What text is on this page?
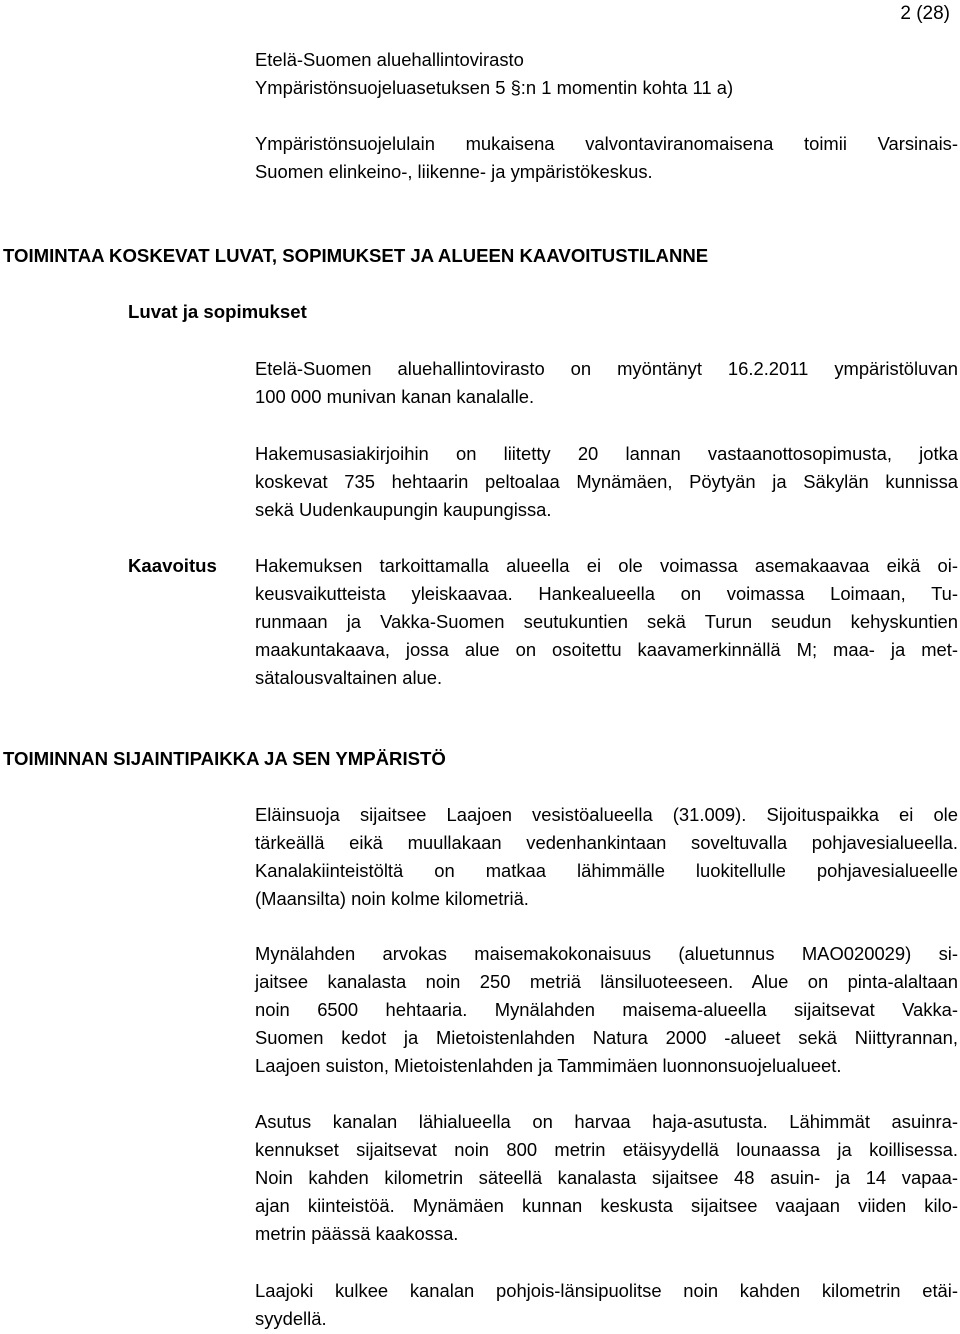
2 (28)
Etelä-Suomen aluehallintovirasto
Ympäristönsuojeluasetuksen 5 §:n 1 momentin kohta 11 a)
Ympäristönsuojelulain mukaisena valvontaviranomaisena toimii Varsinais-
Suomen elinkeino-, liikenne- ja ympäristökeskus.
TOIMINTAA KOSKEVAT LUVAT, SOPIMUKSET JA ALUEEN KAAVOITUSTILANNE
Luvat ja sopimukset
Etelä-Suomen aluehallintovirasto on myöntänyt 16.2.2011 ympäristöluvan
100 000 munivan kanan kanalalle.
Hakemusasiakirjoihin on liitetty 20 lannan vastaanottosopimusta, jotka
koskevat 735 hehtaarin peltoalaa Mynämäen, Pöytyän ja Säkylän kunnissa
sekä Uudenkaupungin kaupungissa.
Kaavoitus Hakemuksen tarkoittamalla alueella ei ole voimassa asemakaavaa eikä oi-
keusvaikutteista yleiskaavaa. Hankealueella on voimassa Loimaan, Tu-
runmaan ja Vakka-Suomen seutukuntien sekä Turun seudun kehyskuntien
maakuntakaava, jossa alue on osoitettu kaavamerkinnällä M; maa- ja met-
sätalousvaltainen alue.
TOIMINNAN SIJAINTIPAIKKA JA SEN YMPÄRISTÖ
Eläinsuoja sijaitsee Laajoen vesistöalueella (31.009). Sijoituspaikka ei ole
tärkeällä eikä muullakaan vedenhankintaan soveltuvalla pohjavesialueella.
Kanalakiinteistöltä on matkaa lähimmälle luokitellulle pohjavesialueelle
(Maansilta) noin kolme kilometriä.
Mynälahden arvokas maisemakokonaisuus (aluetunnus MAO020029) si-
jaitsee kanalasta noin 250 metriä länsiluoteeseen. Alue on pinta-alaltaan
noin 6500 hehtaaria. Mynälahden maisema-alueella sijaitsevat Vakka-
Suomen kedot ja Mietoistenlahden Natura 2000 -alueet sekä Niittyrannan,
Laajoen suiston, Mietoistenlahden ja Tammimäen luonnonsuojelualueet.
Asutus kanalan lähialueella on harvaa haja-asutusta. Lähimmät asuinra-
kennukset sijaitsevat noin 800 metrin etäisyydellä lounaassa ja koillisessa.
Noin kahden kilometrin säteellä kanalasta sijaitsee 48 asuin- ja 14 vapaa-
ajan kiinteistöä. Mynämäen kunnan keskusta sijaitsee vaajaan viiden kilo-
metrin päässä kaakossa.
Laajoki kulkee kanalan pohjois-länsipuolitse noin kahden kilometrin etäi-
syydellä.
